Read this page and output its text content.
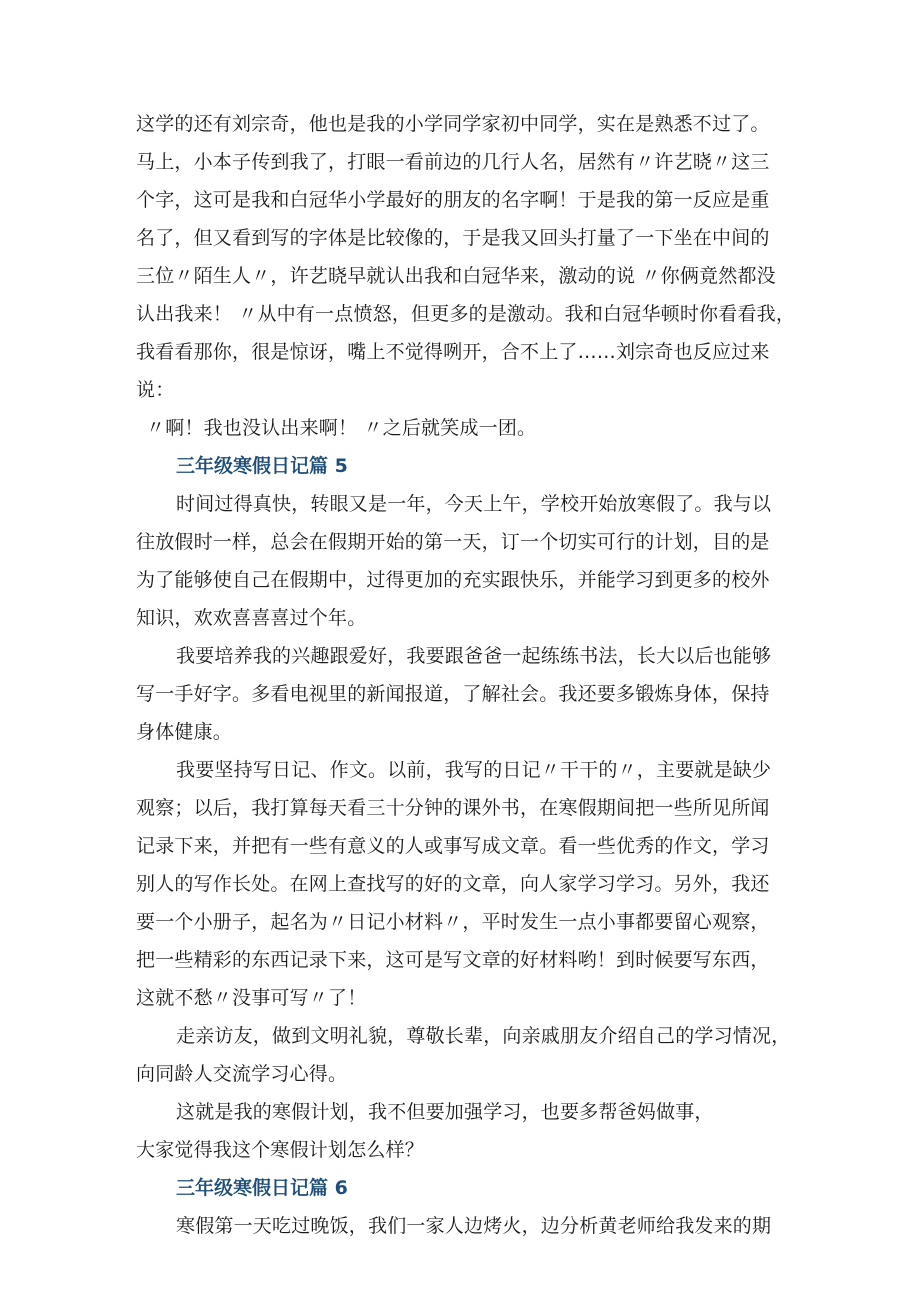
这学的还有刘宗奇，他也是我的小学同学家初中同学，实在是熟悉不过了。
马上，小本子传到我了，打眼一看前边的几行人名，居然有〃许艺晓〃这三
个字，这可是我和白冠华小学最好的朋友的名字啊！于是我的第一反应是重
名了，但又看到写的字体是比较像的，于是我又回头打量了一下坐在中间的
三位〃陌生人〃，许艺晓早就认出我和白冠华来，激动的说 〃你俩竟然都没
认出我来！ 〃从中有一点愤怒，但更多的是激动。我和白冠华顿时你看看我，
我看看那你，很是惊讶，嘴上不觉得咧开，合不上了……刘宗奇也反应过来
说：
〃啊！我也没认出来啊！ 〃之后就笑成一团。
三年级寒假日记篇 5
时间过得真快，转眼又是一年，今天上午，学校开始放寒假了。我与以
往放假时一样，总会在假期开始的第一天，订一个切实可行的计划，目的是
为了能够使自己在假期中，过得更加的充实跟快乐，并能学习到更多的校外
知识，欢欢喜喜喜过个年。
我要培养我的兴趣跟爱好，我要跟爸爸一起练练书法，长大以后也能够
写一手好字。多看电视里的新闻报道，了解社会。我还要多锻炼身体，保持
身体健康。
我要坚持写日记、作文。以前，我写的日记〃干干的〃，主要就是缺少
观察；以后，我打算每天看三十分钟的课外书，在寒假期间把一些所见所闻
记录下来，并把有一些有意义的人或事写成文章。看一些优秀的作文，学习
别人的写作长处。在网上查找写的好的文章，向人家学习学习。另外，我还
要一个小册子，起名为〃日记小材料〃，平时发生一点小事都要留心观察，
把一些精彩的东西记录下来，这可是写文章的好材料哟！到时候要写东西，
这就不愁〃没事可写〃了！
走亲访友，做到文明礼貌，尊敬长辈，向亲戚朋友介绍自己的学习情况，
向同龄人交流学习心得。
这就是我的寒假计划，我不但要加强学习，也要多帮爸妈做事，
大家觉得我这个寒假计划怎么样？
三年级寒假日记篇 6
寒假第一天吃过晚饭，我们一家人边烤火，边分析黄老师给我发来的期
